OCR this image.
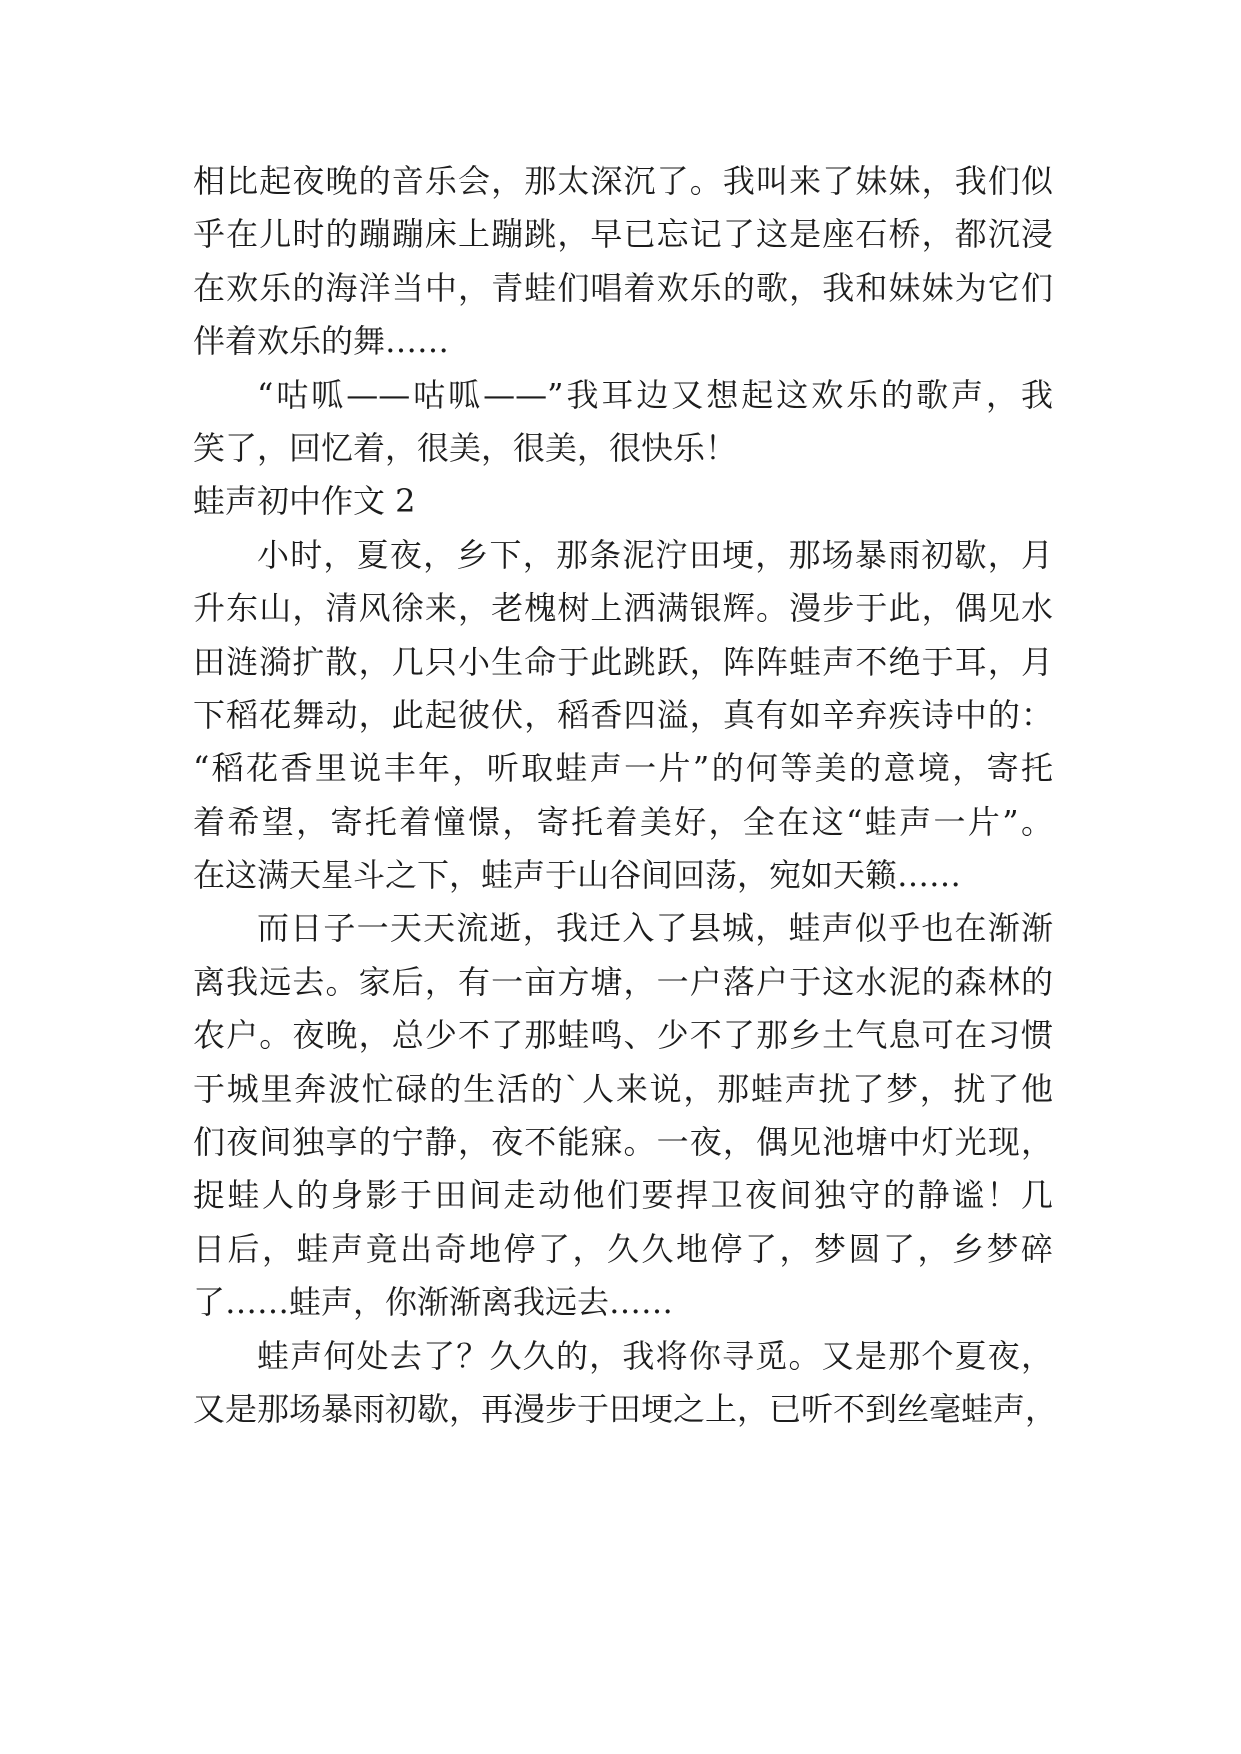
相比起夜晚的音乐会，那太深沉了。我叫来了妹妹，我们似
乎在儿时的蹦蹦床上蹦跳，早已忘记了这是座石桥，都沉浸
在欢乐的海洋当中，青蛙们唱着欢乐的歌，我和妹妹为它们
伴着欢乐的舞……
“咕呱——咕呱——”我耳边又想起这欢乐的歌声，我
笑了，回忆着，很美，很美，很快乐！
蛙声初中作文 2
小时，夏夜，乡下，那条泥泞田埂，那场暴雨初歇，月
升东山，清风徐来，老槐树上洒满银辉。漫步于此，偶见水
田涟漪扩散，几只小生命于此跳跃，阵阵蛙声不绝于耳，月
下稻花舞动，此起彼伏，稻香四溢，真有如辛弃疾诗中的：
“稻花香里说丰年，听取蛙声一片”的何等美的意境，寄托
着希望，寄托着憧憬，寄托着美好，全在这“蛙声一片”。
在这满天星斗之下，蛙声于山谷间回荡，宛如天籁……
而日子一天天流逝，我迁入了县城，蛙声似乎也在渐渐
离我远去。家后，有一亩方塘，一户落户于这水泥的森林的
农户。夜晚，总少不了那蛙鸣、少不了那乡土气息可在习惯
于城里奔波忙碌的生活的`人来说，那蛙声扰了梦，扰了他
们夜间独享的宁静，夜不能寐。一夜，偶见池塘中灯光现，
捉蛙人的身影于田间走动他们要捍卫夜间独守的静谧！几
日后，蛙声竟出奇地停了，久久地停了，梦圆了，乡梦碎
了……蛙声，你渐渐离我远去……
蛙声何处去了？久久的，我将你寻觅。又是那个夏夜，
又是那场暴雨初歇，再漫步于田埂之上，已听不到丝毫蛙声，
